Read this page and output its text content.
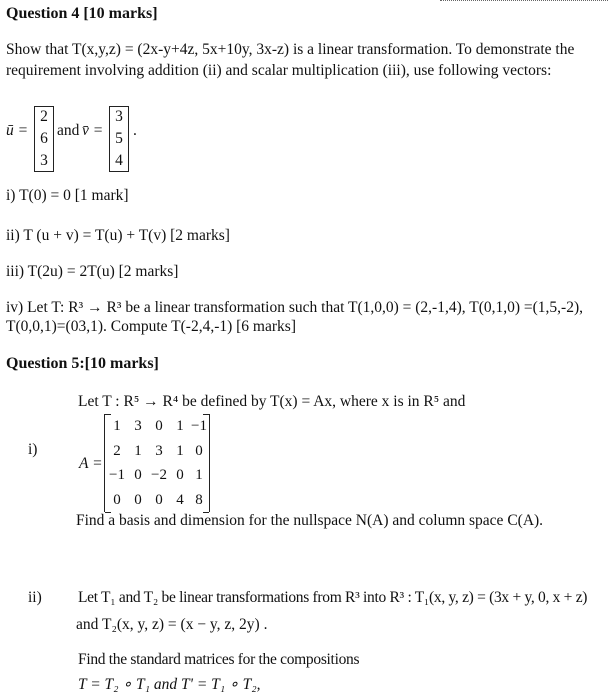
Question 4 [10 marks]
Show that T(x,y,z) = (2x-y+4z, 5x+10y, 3x-z) is a linear transformation. To demonstrate the
requirement involving addition (ii) and scalar multiplication (iii), use following vectors:
ū =
2
6
3
and v̄ =
3
5
4
.
i) T(0) = 0 [1 mark]
ii) T (u + v) = T(u) + T(v) [2 marks]
iii) T(2u) = 2T(u) [2 marks]
iv) Let T: R³ → R³ be a linear transformation such that T(1,0,0) = (2,-1,4), T(0,1,0) =(1,5,-2),
T(0,0,1)=(03,1). Compute T(-2,4,-1) [6 marks]
Question 5:[10 marks]
Let T : R⁵ → R⁴ be defined by T(x) = Ax, where x is in R⁵ and
i)
A =
1 3 0 1 −1
2 1 3 1 0
−1 0 −2 0 1
0 0 0 4 8
Find a basis and dimension for the nullspace N(A) and column space C(A).
ii) Let T₁ and T₂ be linear transformations from R³ into R³ : T₁(x, y, z) = (3x + y, 0, x + z)
and T₂(x, y, z) = (x − y, z, 2y) .
Find the standard matrices for the compositions
T = T₂ ∘ T₁ and T' = T₁ ∘ T₂,
